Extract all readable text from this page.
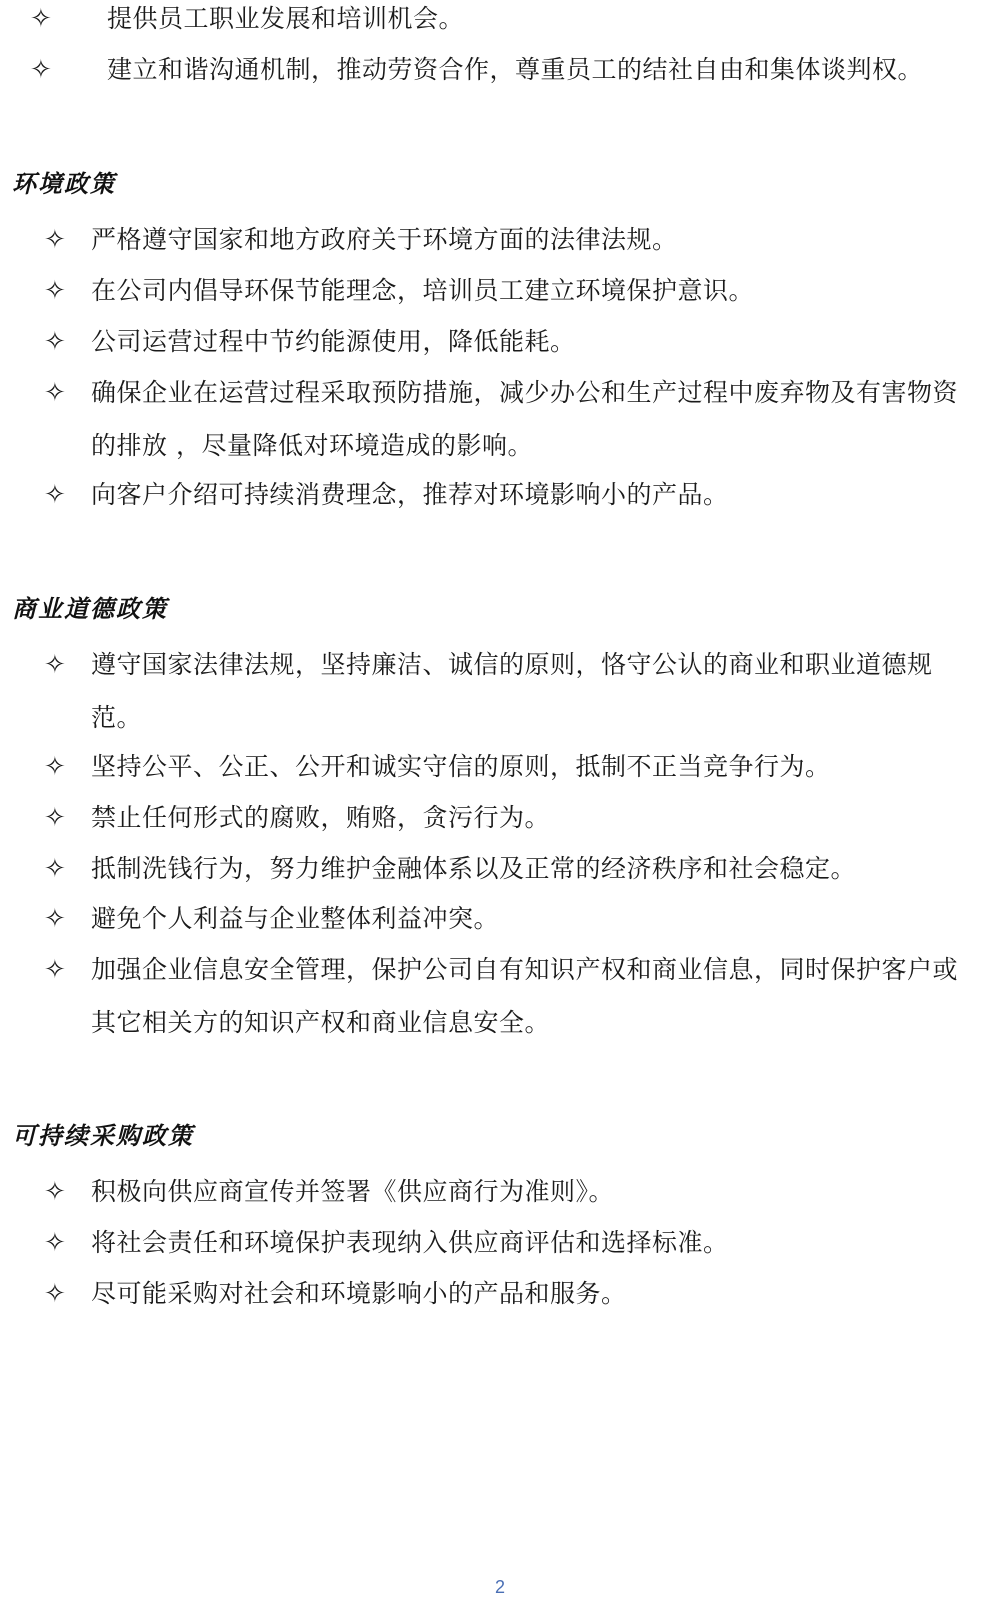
✧ 提供员工职业发展和培训机会。
✧ 建立和谐沟通机制，推动劳资合作，尊重员工的结社自由和集体谈判权。
环境政策
✧ 严格遵守国家和地方政府关于环境方面的法律法规。
✧ 在公司内倡导环保节能理念，培训员工建立环境保护意识。
✧ 公司运营过程中节约能源使用，降低能耗。
✧ 确保企业在运营过程采取预防措施，减少办公和生产过程中废弃物及有害物资的排放 ，尽量降低对环境造成的影响。
✧ 向客户介绍可持续消费理念，推荐对环境影响小的产品。
商业道德政策
✧ 遵守国家法律法规，坚持廉洁、诚信的原则，恪守公认的商业和职业道德规范。
✧ 坚持公平、公正、公开和诚实守信的原则，抵制不正当竞争行为。
✧ 禁止任何形式的腐败，贿赂，贪污行为。
✧ 抵制洗钱行为，努力维护金融体系以及正常的经济秩序和社会稳定。
✧ 避免个人利益与企业整体利益冲突。
✧ 加强企业信息安全管理，保护公司自有知识产权和商业信息，同时保护客户或其它相关方的知识产权和商业信息安全。
可持续采购政策
✧ 积极向供应商宣传并签署《供应商行为准则》。
✧ 将社会责任和环境保护表现纳入供应商评估和选择标准。
✧ 尽可能采购对社会和环境影响小的产品和服务。
2
